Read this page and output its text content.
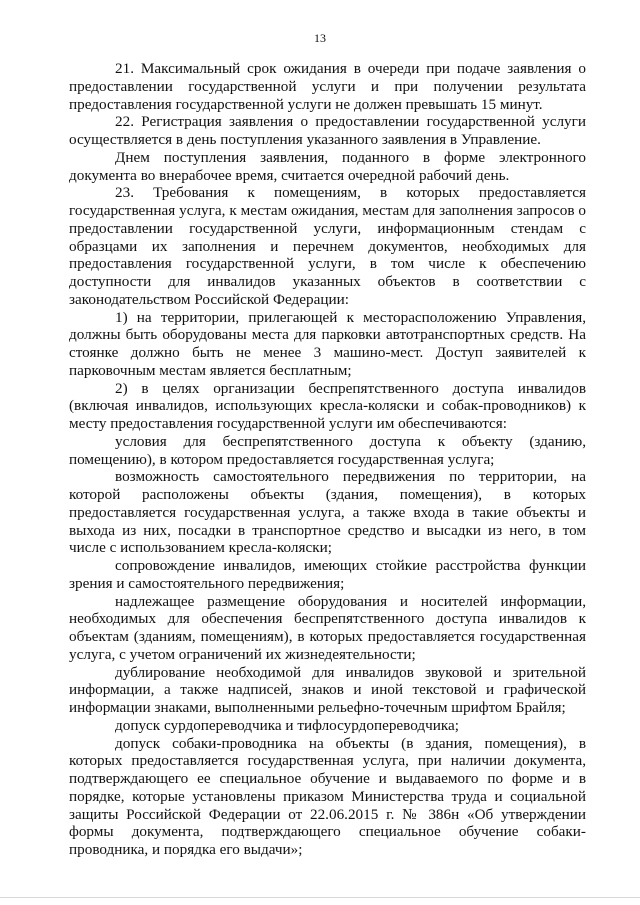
13

21. Максимальный срок ожидания в очереди при подаче заявления о предоставлении государственной услуги и при получении результата предоставления государственной услуги не должен превышать 15 минут.

22. Регистрация заявления о предоставлении государственной услуги осуществляется в день поступления указанного заявления в Управление.

Днем поступления заявления, поданного в форме электронного документа во внерабочее время, считается очередной рабочий день.

23. Требования к помещениям, в которых предоставляется государственная услуга, к местам ожидания, местам для заполнения запросов о предоставлении государственной услуги, информационным стендам с образцами их заполнения и перечнем документов, необходимых для предоставления государственной услуги, в том числе к обеспечению доступности для инвалидов указанных объектов в соответствии с законодательством Российской Федерации:

1) на территории, прилегающей к месторасположению Управления, должны быть оборудованы места для парковки автотранспортных средств. На стоянке должно быть не менее 3 машино-мест. Доступ заявителей к парковочным местам является бесплатным;

2) в целях организации беспрепятственного доступа инвалидов (включая инвалидов, использующих кресла-коляски и собак-проводников) к месту предоставления государственной услуги им обеспечиваются:

условия для беспрепятственного доступа к объекту (зданию, помещению), в котором предоставляется государственная услуга;

возможность самостоятельного передвижения по территории, на которой расположены объекты (здания, помещения), в которых предоставляется государственная услуга, а также входа в такие объекты и выхода из них, посадки в транспортное средство и высадки из него, в том числе с использованием кресла-коляски;

сопровождение инвалидов, имеющих стойкие расстройства функции зрения и самостоятельного передвижения;

надлежащее размещение оборудования и носителей информации, необходимых для обеспечения беспрепятственного доступа инвалидов к объектам (зданиям, помещениям), в которых предоставляется государственная услуга, с учетом ограничений их жизнедеятельности;

дублирование необходимой для инвалидов звуковой и зрительной информации, а также надписей, знаков и иной текстовой и графической информации знаками, выполненными рельефно-точечным шрифтом Брайля;

допуск сурдопереводчика и тифлосурдопереводчика;

допуск собаки-проводника на объекты (в здания, помещения), в которых предоставляется государственная услуга, при наличии документа, подтверждающего ее специальное обучение и выдаваемого по форме и в порядке, которые установлены приказом Министерства труда и социальной защиты Российской Федерации от 22.06.2015 г. № 386н «Об утверждении формы документа, подтверждающего специальное обучение собаки-проводника, и порядка его выдачи»;
